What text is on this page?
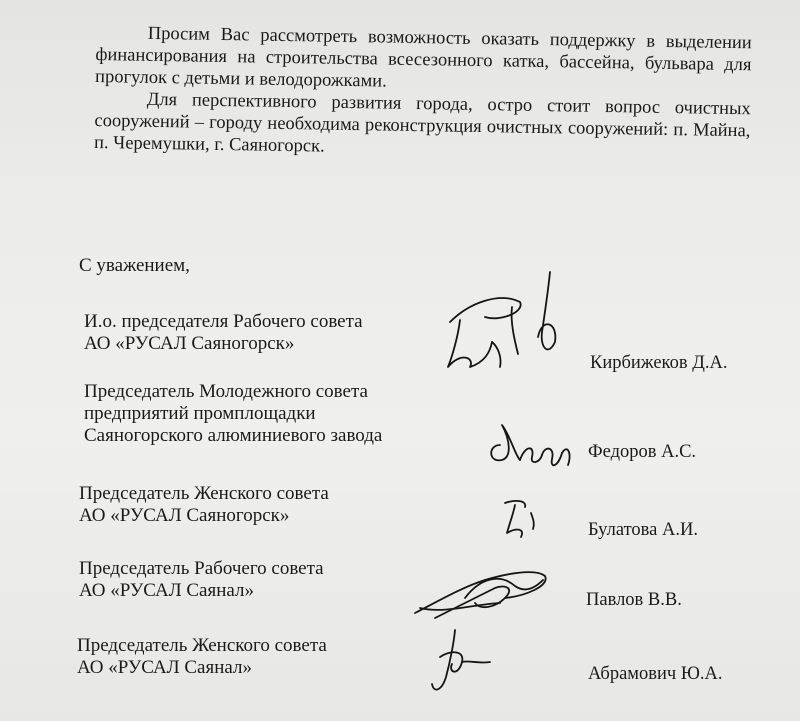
Просим Вас рассмотреть возможность оказать поддержку в выделении финансирования на строительства всесезонного катка, бассейна, бульвара для прогулок с детьми и велодорожками.

Для перспективного развития города, остро стоит вопрос очистных сооружений – городу необходима реконструкция очистных сооружений: п. Майна, п. Черемушки, г. Саяногорск.

С уважением,
И.о. председателя Рабочего совета
АО «РУСАЛ Саяногорск»
Кирбижеков Д.А.
Председатель Молодежного совета
предприятий промплощадки
Саяногорского алюминиевого завода
Федоров А.С.
Председатель Женского совета
АО «РУСАЛ Саяногорск»
Булатова А.И.
Председатель Рабочего совета
АО «РУСАЛ Саянал»	Павлов В.В.
Председатель Женского совета
АО «РУСАЛ Саянал»	Абрамович Ю.А.
